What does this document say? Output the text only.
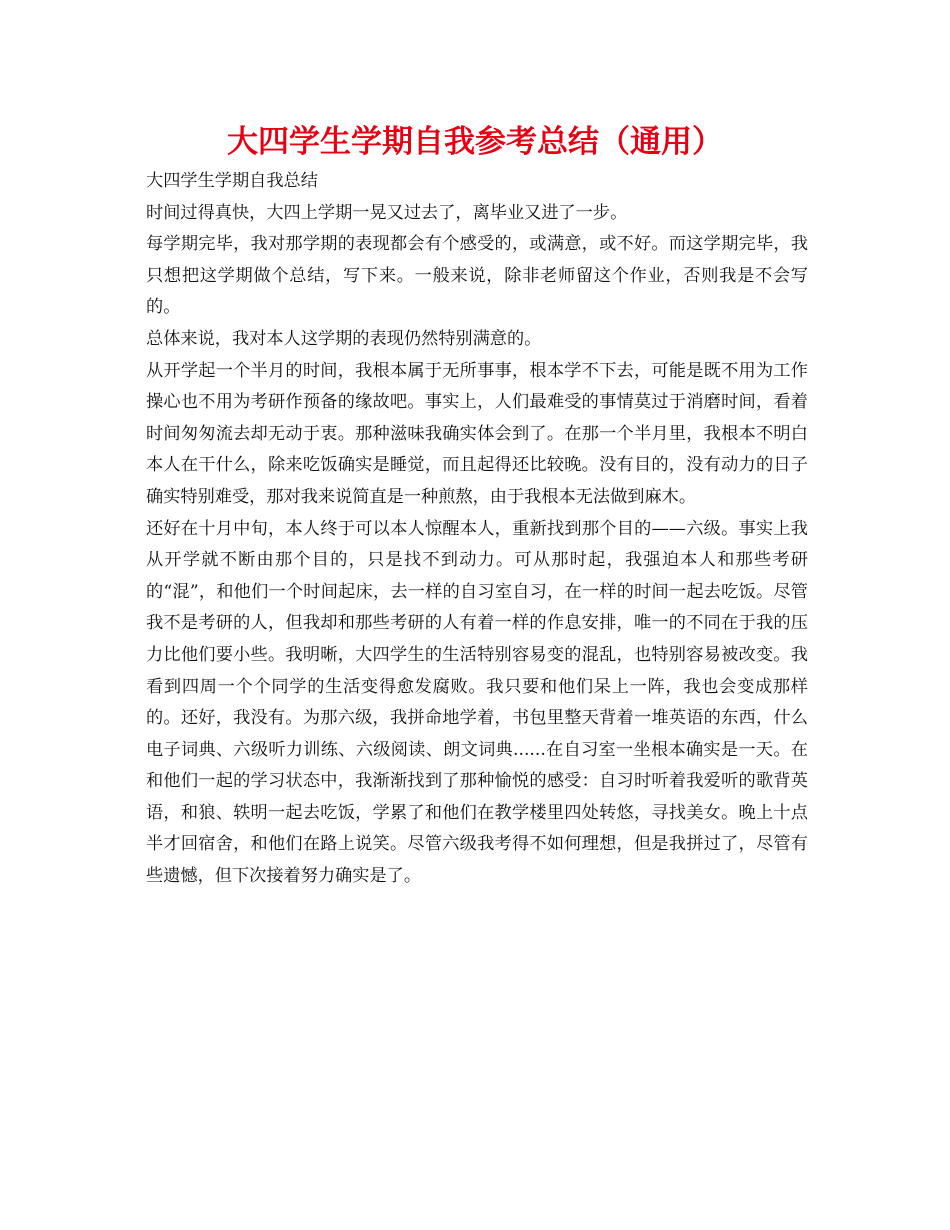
大四学生学期自我参考总结（通用）

大四学生学期自我总结

时间过得真快，大四上学期一晃又过去了，离毕业又进了一步。

每学期完毕，我对那学期的表现都会有个感受的，或满意，或不好。而这学期完毕，我只想把这学期做个总结，写下来。一般来说，除非老师留这个作业，否则我是不会写的。

总体来说，我对本人这学期的表现仍然特别满意的。

从开学起一个半月的时间，我根本属于无所事事，根本学不下去，可能是既不用为工作操心也不用为考研作预备的缘故吧。事实上，人们最难受的事情莫过于消磨时间，看着时间匆匆流去却无动于衷。那种滋味我确实体会到了。在那一个半月里，我根本不明白本人在干什么，除来吃饭确实是睡觉，而且起得还比较晚。没有目的，没有动力的日子确实特别难受，那对我来说简直是一种煎熬，由于我根本无法做到麻木。

还好在十月中旬，本人终于可以本人惊醒本人，重新找到那个目的——六级。事实上我从开学就不断由那个目的，只是找不到动力。可从那时起，我强迫本人和那些考研的“混”，和他们一个时间起床，去一样的自习室自习，在一样的时间一起去吃饭。尽管我不是考研的人，但我却和那些考研的人有着一样的作息安排，唯一的不同在于我的压力比他们要小些。我明晰，大四学生的生活特别容易变的混乱，也特别容易被改变。我看到四周一个个同学的生活变得愈发腐败。我只要和他们呆上一阵，我也会变成那样的。还好，我没有。为那六级，我拼命地学着，书包里整天背着一堆英语的东西，什么电子词典、六级听力训练、六级阅读、朗文词典......在自习室一坐根本确实是一天。在和他们一起的学习状态中，我渐渐找到了那种愉悦的感受：自习时听着我爱听的歌背英语，和狼、轶明一起去吃饭，学累了和他们在教学楼里四处转悠，寻找美女。晚上十点半才回宿舍，和他们在路上说笑。尽管六级我考得不如何理想，但是我拼过了，尽管有些遗憾，但下次接着努力确实是了。
